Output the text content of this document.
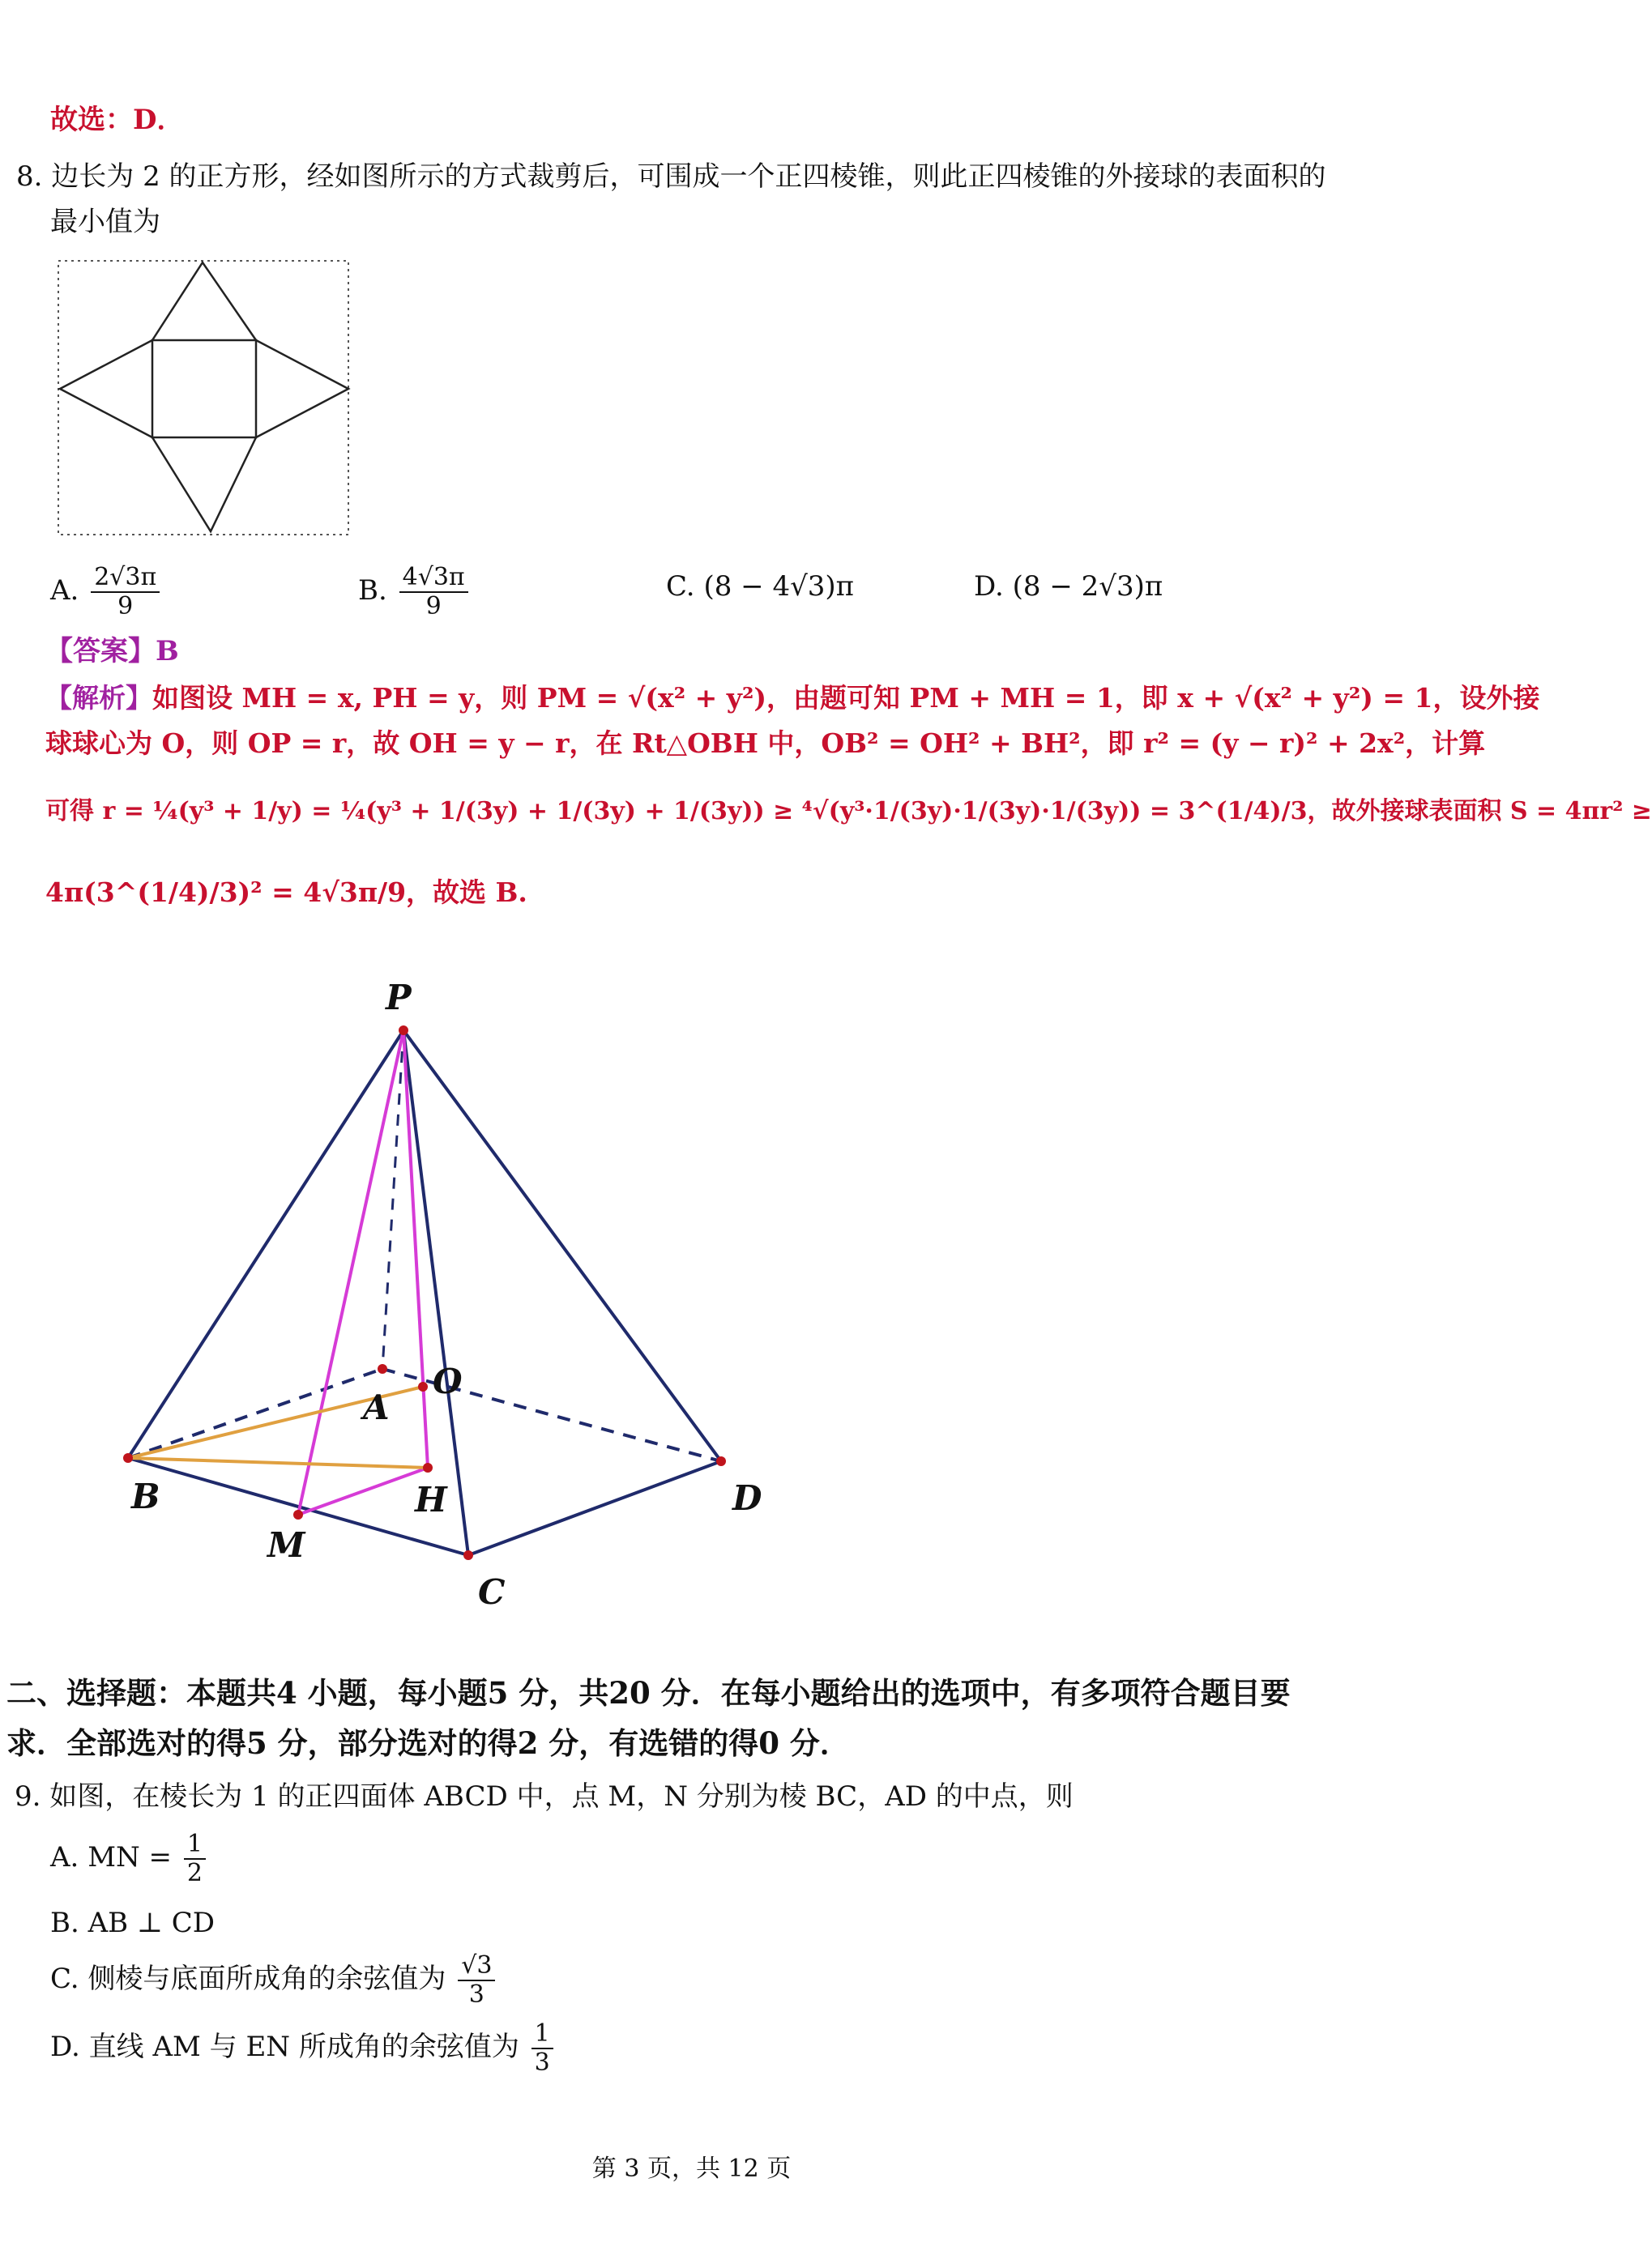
故选：D．
8. 边长为 2 的正方形，经如图所示的方式裁剪后，可围成一个正四棱锥，则此正四棱锥的外接球的表面积的
最小值为
A. $\frac{2√3\pi}{9}$	B. $\frac{4√3\pi}{9}$	C. (8 − 4√3)π	D. (8 − 2√3)π
【答案】B
【解析】如图设 MH = x, PH = y，则 PM = √(x² + y²)，由题可知 PM + MH = 1，即 x + √(x² + y²) = 1，设外接
球球心为 O，则 OP = r，故 OH = y − r，在 Rt△OBH 中，OB² = OH² + BH²，即 r² = (y − r)² + 2x²，计算
可得 r = ¼(y³ + 1/y) = ¼(y³ + 1/(3y) + 1/(3y) + 1/(3y)) ≥ ⁴√(y³·1/(3y)·1/(3y)·1/(3y)) = 3^(1/4)/3，故外接球表面积 S = 4πr² ≥
4π(3^(1/4)/3)² = 4√3π/9，故选 B.
P
O
A
B	H	D
M
C
二、选择题：本题共4 小题，每小题5 分，共20 分．在每小题给出的选项中，有多项符合题目要
求．全部选对的得5 分，部分选对的得2 分，有选错的得0 分．
9. 如图，在棱长为 1 的正四面体 ABCD 中，点 M，N 分别为棱 BC，AD 的中点，则
A. MN = $\frac{1}{2}$
B. AB ⊥ CD
C. 侧棱与底面所成角的余弦值为 $\frac{√3}{3}$
D. 直线 AM 与 EN 所成角的余弦值为 $\frac{1}{3}$
第 3 页，共 12 页
